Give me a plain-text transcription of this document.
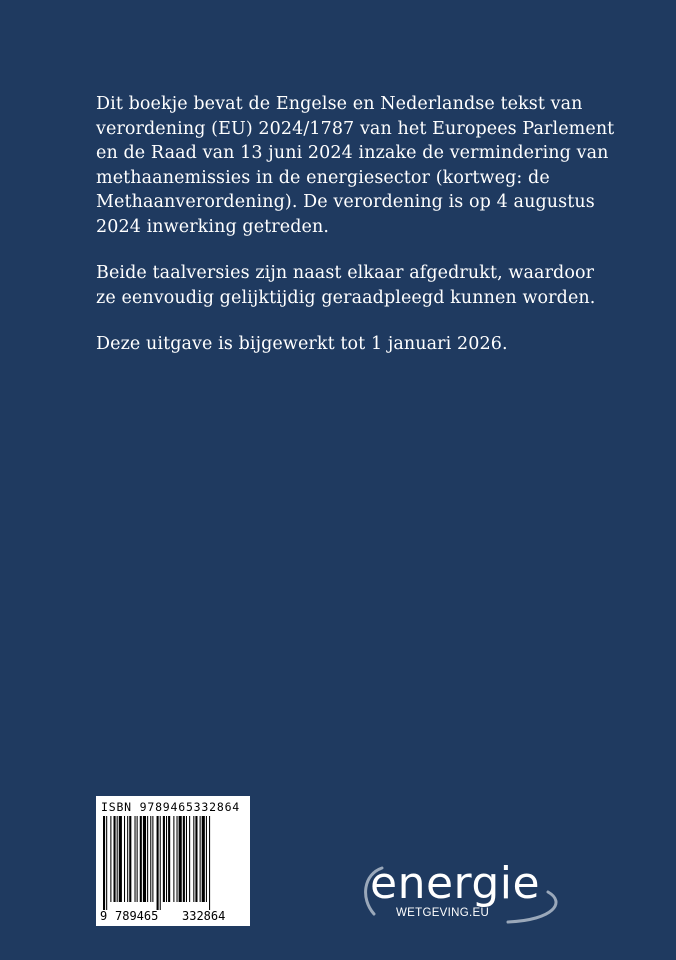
Dit boekje bevat de Engelse en Nederlandse tekst van verordening (EU) 2024/1787 van het Europees Parlement en de Raad van 13 juni 2024 inzake de vermindering van methaanemissies in de energiesector (kortweg: de Methaanverordening). De verordening is op 4 augustus 2024 inwerking getreden.

Beide taalversies zijn naast elkaar afgedrukt, waardoor ze eenvoudig gelijktijdig geraadpleegd kunnen worden.

Deze uitgave is bijgewerkt tot 1 januari 2026.

ISBN 9789465332864
9 789465 332864
energie
WETGEVING.EU
